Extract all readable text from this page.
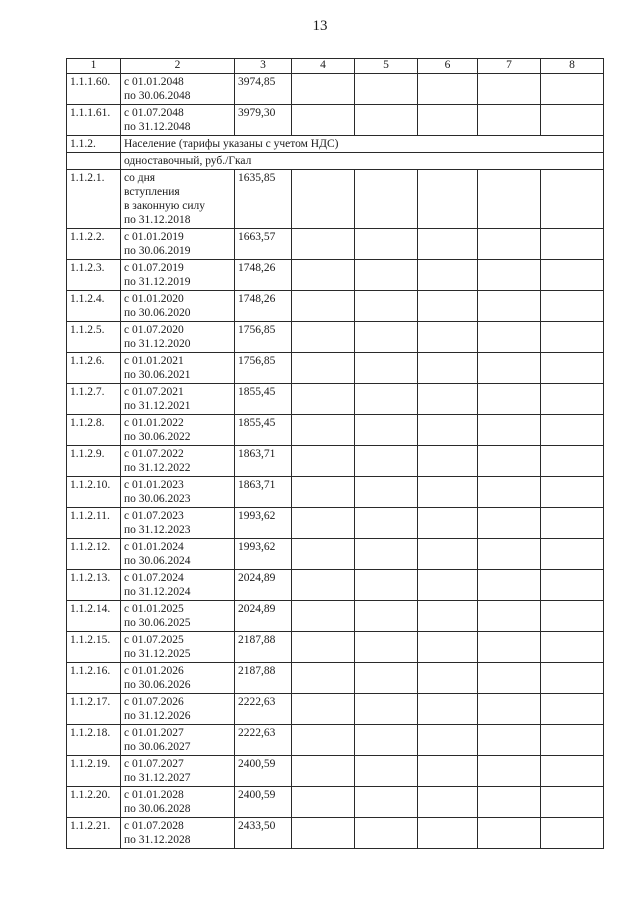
13
1	2	3	4	5	6	7	8
1.1.1.60.	с 01.01.2048
по 30.06.2048	3974,85					
1.1.1.61.	с 01.07.2048
по 31.12.2048	3979,30					
1.1.2.	Население (тарифы указаны с учетом НДС)						
	одноставочный, руб./Гкал						
1.1.2.1.	со дня
вступления
в законную силу
по 31.12.2018	1635,85					
1.1.2.2.	с 01.01.2019
по 30.06.2019	1663,57					
1.1.2.3.	с 01.07.2019
по 31.12.2019	1748,26					
1.1.2.4.	с 01.01.2020
по 30.06.2020	1748,26					
1.1.2.5.	с 01.07.2020
по 31.12.2020	1756,85					
1.1.2.6.	с 01.01.2021
по 30.06.2021	1756,85					
1.1.2.7.	с 01.07.2021
по 31.12.2021	1855,45					
1.1.2.8.	с 01.01.2022
по 30.06.2022	1855,45					
1.1.2.9.	с 01.07.2022
по 31.12.2022	1863,71					
1.1.2.10.	с 01.01.2023
по 30.06.2023	1863,71					
1.1.2.11.	с 01.07.2023
по 31.12.2023	1993,62					
1.1.2.12.	с 01.01.2024
по 30.06.2024	1993,62					
1.1.2.13.	с 01.07.2024
по 31.12.2024	2024,89					
1.1.2.14.	с 01.01.2025
по 30.06.2025	2024,89					
1.1.2.15.	с 01.07.2025
по 31.12.2025	2187,88					
1.1.2.16.	с 01.01.2026
по 30.06.2026	2187,88					
1.1.2.17.	с 01.07.2026
по 31.12.2026	2222,63					
1.1.2.18.	с 01.01.2027
по 30.06.2027	2222,63					
1.1.2.19.	с 01.07.2027
по 31.12.2027	2400,59					
1.1.2.20.	с 01.01.2028
по 30.06.2028	2400,59					
1.1.2.21.	с 01.07.2028
по 31.12.2028	2433,50					
